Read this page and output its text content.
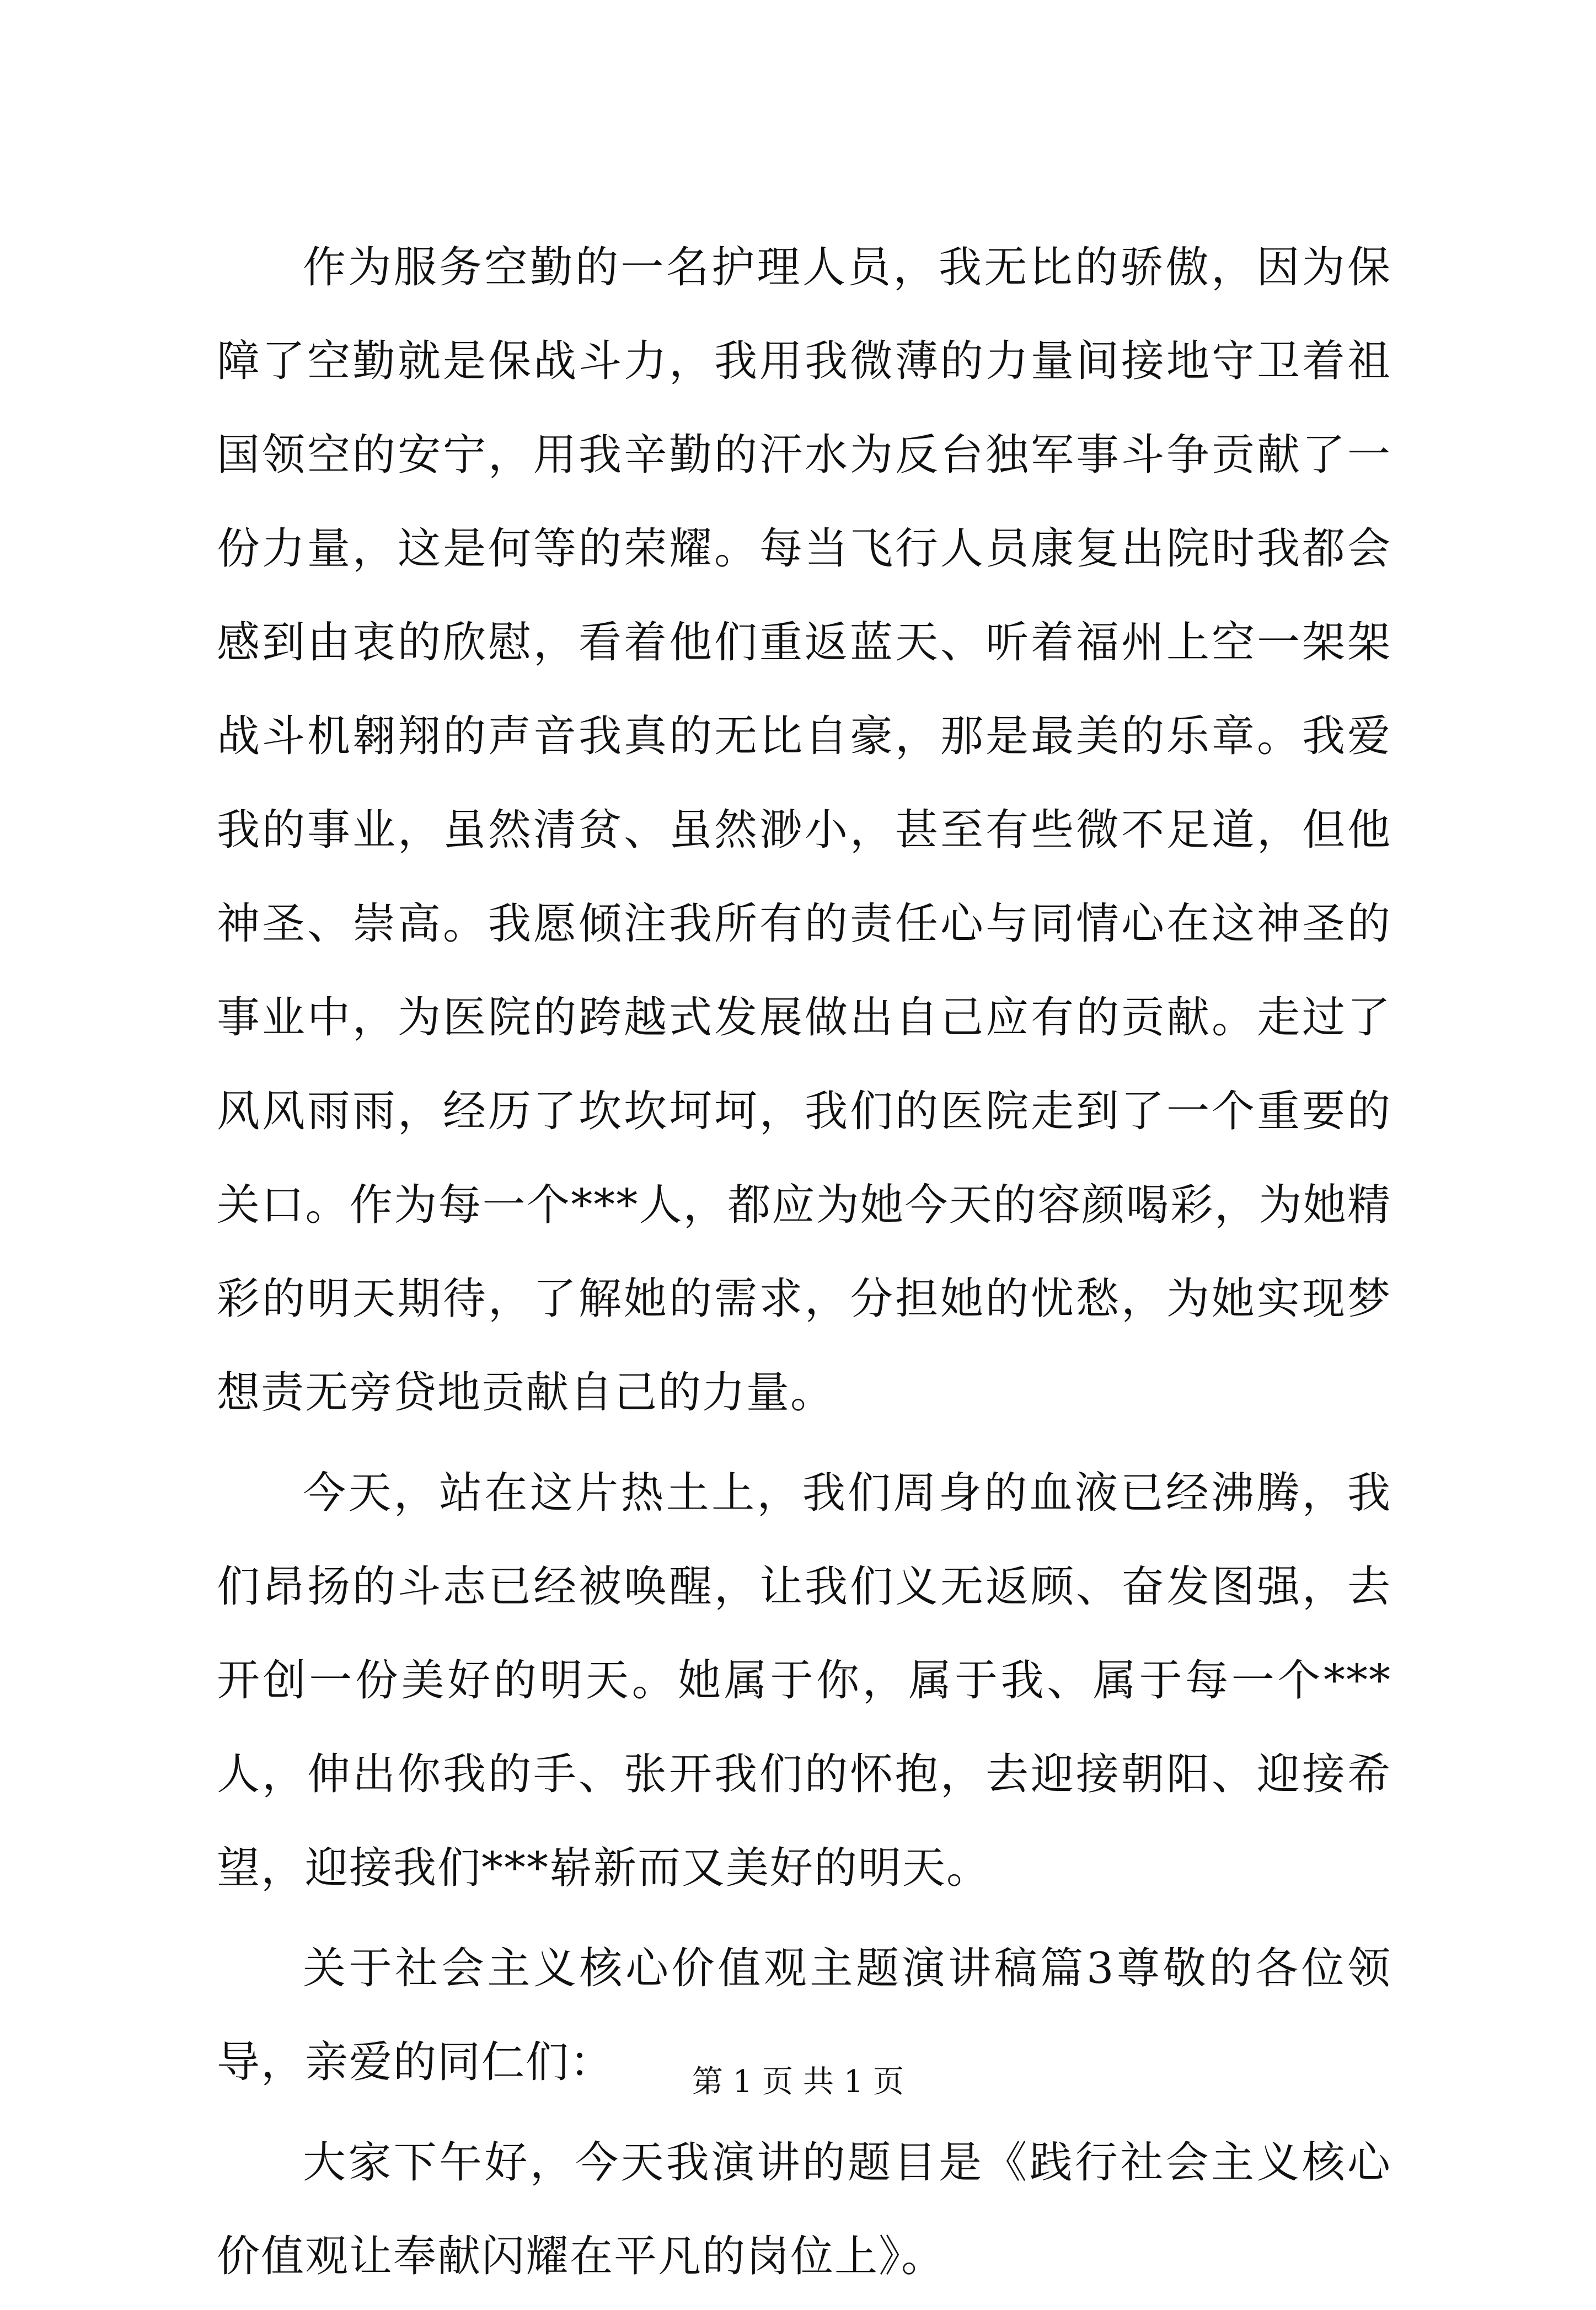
作为服务空勤的一名护理人员，我无比的骄傲，因为保障了空勤就是保战斗力，我用我微薄的力量间接地守卫着祖国领空的安宁，用我辛勤的汗水为反台独军事斗争贡献了一份力量，这是何等的荣耀。每当飞行人员康复出院时我都会感到由衷的欣慰，看着他们重返蓝天、听着福州上空一架架战斗机翱翔的声音我真的无比自豪，那是最美的乐章。我爱我的事业，虽然清贫、虽然渺小，甚至有些微不足道，但他神圣、崇高。我愿倾注我所有的责任心与同情心在这神圣的事业中，为医院的跨越式发展做出自己应有的贡献。走过了风风雨雨，经历了坎坎坷坷，我们的医院走到了一个重要的关口。作为每一个***人，都应为她今天的容颜喝彩，为她精彩的明天期待，了解她的需求，分担她的忧愁，为她实现梦想责无旁贷地贡献自己的力量。

今天，站在这片热土上，我们周身的血液已经沸腾，我们昂扬的斗志已经被唤醒，让我们义无返顾、奋发图强，去开创一份美好的明天。她属于你，属于我、属于每一个***人，伸出你我的手、张开我们的怀抱，去迎接朝阳、迎接希望，迎接我们***崭新而又美好的明天。

关于社会主义核心价值观主题演讲稿篇3尊敬的各位领导，亲爱的同仁们：

大家下午好，今天我演讲的题目是《践行社会主义核心价值观让奉献闪耀在平凡的岗位上》。

第 1 页 共 1 页
